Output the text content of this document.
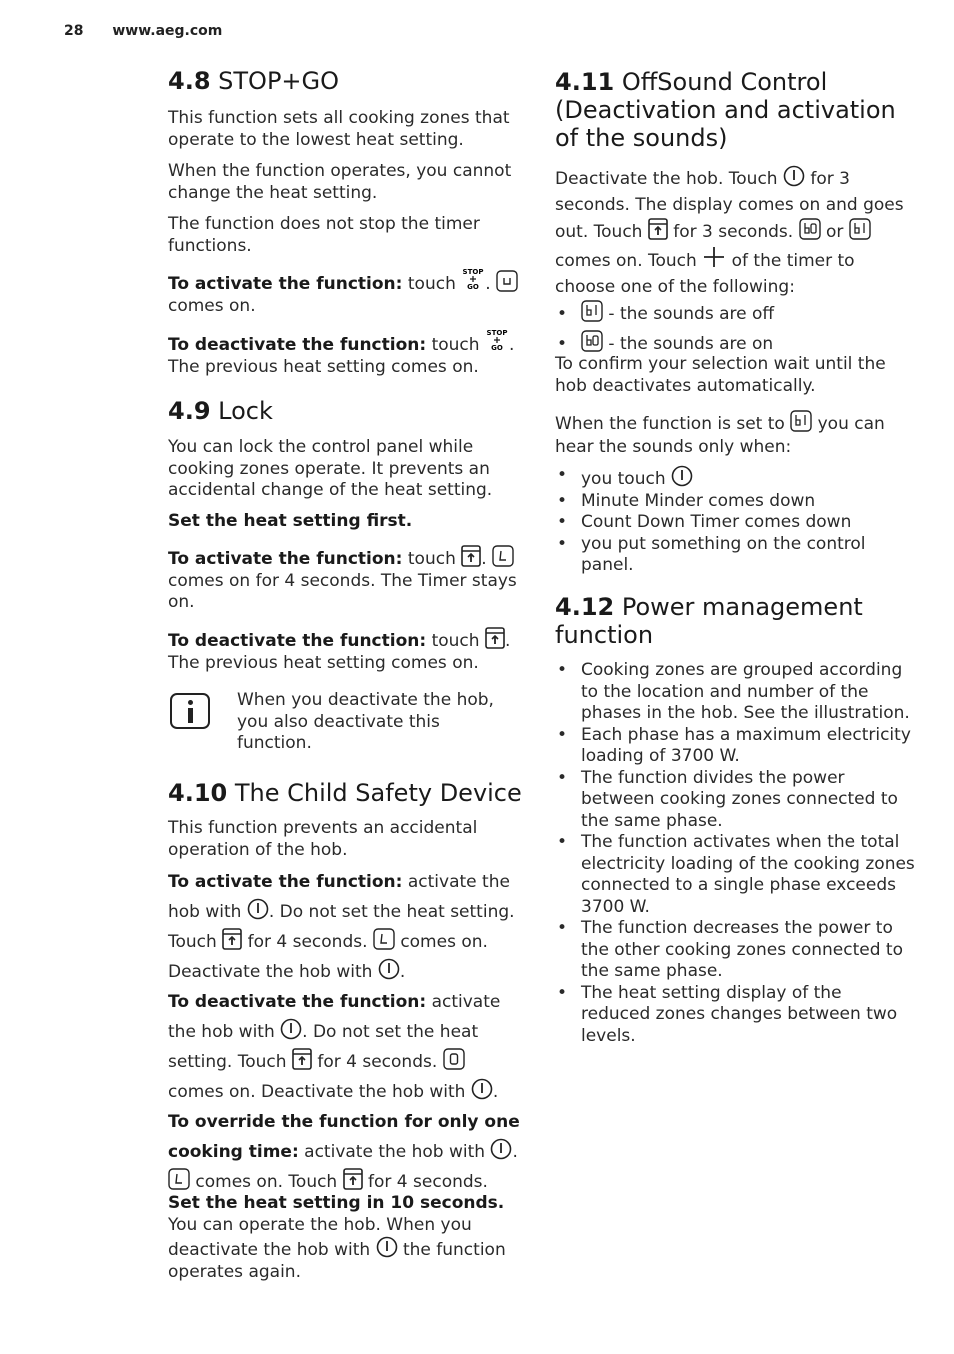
28 www.aeg.com
4.8 STOP+GO

This function sets all cooking zones that operate to the lowest heat setting.

When the function operates, you cannot change the heat setting.

The function does not stop the timer functions.

To activate the function: touch
STOP
GO .
comes on.
To deactivate the function: touch
STOP
GO .
The previous heat setting comes on.
4.9 Lock

You can lock the control panel while cooking zones operate. It prevents an accidental change of the heat setting.

Set the heat setting first.

To activate the function: touch .  comes on for 4 seconds. The Timer stays on.
To deactivate the function: touch .
The previous heat setting comes on.
When you deactivate the hob, you also deactivate this function.
4.10 The Child Safety Device

This function prevents an accidental operation of the hob.

To activate the function: activate the hob with . Do not set the heat setting. Touch for 4 seconds. comes on. Deactivate the hob with .
To deactivate the function: activate the hob with . Do not set the heat setting. Touch for 4 seconds.  comes on. Deactivate the hob with .
To override the function for only one cooking time: activate the hob with .
comes on. Touch for 4 seconds.
Set the heat setting in 10 seconds. You can operate the hob. When you deactivate the hob with the function operates again.
4.11 OffSound Control (Deactivation and activation of the sounds)
Deactivate the hob. Touch for 3 seconds. The display comes on and goes out. Touch for 3 seconds. or  comes on. Touch of the timer to choose one of the following:
• - the sounds are off
• - the sounds are on

To confirm your selection wait until the hob deactivates automatically.

When the function is set to you can hear the sounds only when:
• you touch
• Minute Minder comes down
• Count Down Timer comes down
• you put something on the control panel.
4.12 Power management function
• Cooking zones are grouped according to the location and number of the phases in the hob. See the illustration.
• Each phase has a maximum electricity loading of 3700 W.
• The function divides the power between cooking zones connected to the same phase.
• The function activates when the total electricity loading of the cooking zones connected to a single phase exceeds 3700 W.
• The function decreases the power to the other cooking zones connected to the same phase.
• The heat setting display of the reduced zones changes between two levels.
